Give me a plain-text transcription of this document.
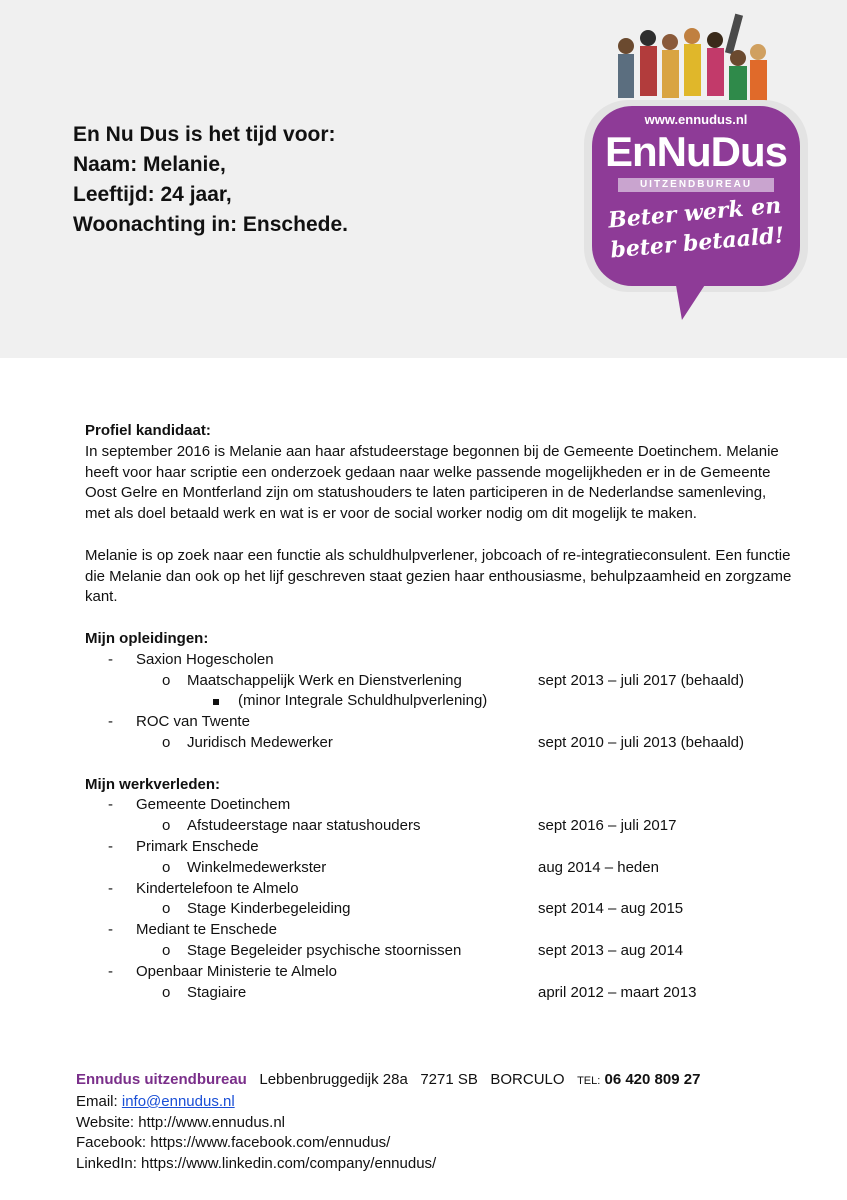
En Nu Dus is het tijd voor:
Naam: Melanie,
Leeftijd: 24 jaar,
Woonachting in: Enschede.
www.ennudus.nl
EnNuDus
UITZENDBUREAU
Beter werk en
beter betaald!

Profiel kandidaat:

In september 2016 is Melanie aan haar afstudeerstage begonnen bij de Gemeente Doetinchem. Melanie heeft voor haar scriptie een onderzoek gedaan naar welke passende mogelijkheden er in de Gemeente Oost Gelre en Montferland zijn om statushouders te laten participeren in de Nederlandse samenleving, met als doel betaald werk en wat is er voor de social worker nodig om dit mogelijk te maken.

Melanie is op zoek naar een functie als schuldhulpverlener, jobcoach of re-integratieconsulent. Een functie die Melanie dan ook op het lijf geschreven staat gezien haar enthousiasme, behulpzaamheid en zorgzame kant.

Mijn opleidingen:

- Saxion Hogescholen
o Maatschappelijk Werk en Dienstverlening	sept 2013 – juli 2017 (behaald)
(minor Integrale Schuldhulpverlening)
- ROC van Twente
o Juridisch Medewerker	sept 2010 – juli 2013 (behaald)

Mijn werkverleden:

- Gemeente Doetinchem
o Afstudeerstage naar statushouders	sept 2016 – juli 2017
- Primark Enschede
o Winkelmedewerkster	aug 2014 – heden
- Kindertelefoon te Almelo
o Stage Kinderbegeleiding	sept 2014 – aug 2015
- Mediant te Enschede
o Stage Begeleider psychische stoornissen	sept 2013 – aug 2014
- Openbaar Ministerie te Almelo
o Stagiaire	april 2012 – maart 2013
Ennudus uitzendbureau Lebbenbruggedijk 28a   7271 SB   BORCULO TEL: 06 420 809 27
Email: info@ennudus.nl
Website: http://www.ennudus.nl
Facebook: https://www.facebook.com/ennudus/
LinkedIn: https://www.linkedin.com/company/ennudus/
